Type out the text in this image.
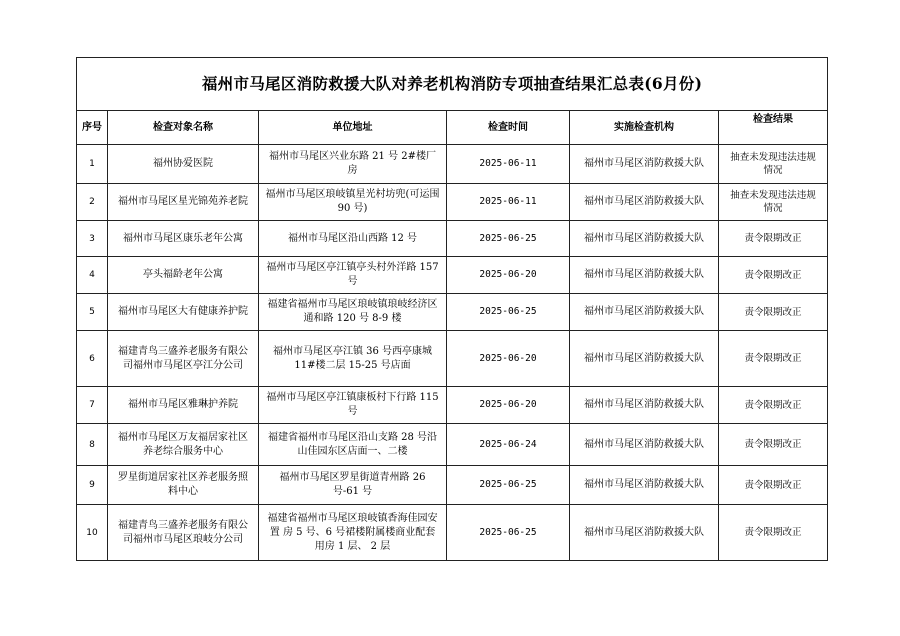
福州市马尾区消防救援大队对养老机构消防专项抽查结果汇总表(6月份)					
序号	检查对象名称	单位地址	检查时间	实施检查机构	检查结果
1	福州协爱医院	福州市马尾区兴业东路 21 号 2#楼厂房	2025-06-11	福州市马尾区消防救援大队	抽查未发现违法违规情况
2	福州市马尾区星光锦苑养老院	福州市马尾区琅岐镇星光村坊兜(可运围 90 号)	2025-06-11	福州市马尾区消防救援大队	抽查未发现违法违规情况
3	福州市马尾区康乐老年公寓	福州市马尾区沿山西路 12 号	2025-06-25	福州市马尾区消防救援大队	责令限期改正
4	亭头福龄老年公寓	福州市马尾区亭江镇亭头村外洋路 157 号	2025-06-20	福州市马尾区消防救援大队	责令限期改正
5	福州市马尾区大有健康养护院	福建省福州市马尾区琅岐镇琅岐经济区通和路 120 号 8-9 楼	2025-06-25	福州市马尾区消防救援大队	责令限期改正
6	福建青鸟三盛养老服务有限公司福州市马尾区亭江分公司	福州市马尾区亭江镇 36 号西亭康城 11#楼二层 15-25 号店面	2025-06-20	福州市马尾区消防救援大队	责令限期改正
7	福州市马尾区雅琳护养院	福州市马尾区亭江镇康板村下行路 115 号	2025-06-20	福州市马尾区消防救援大队	责令限期改正
8	福州市马尾区万友福居家社区养老综合服务中心	福建省福州市马尾区沿山支路 28 号沿山佳园东区店面一、二楼	2025-06-24	福州市马尾区消防救援大队	责令限期改正
9	罗星街道居家社区养老服务照料中心	福州市马尾区罗星街道青州路 26 号-61 号	2025-06-25	福州市马尾区消防救援大队	责令限期改正
10	福建青鸟三盛养老服务有限公司福州市马尾区琅岐分公司	福建省福州市马尾区琅岐镇香海佳园安置 房 5 号、6 号裙楼附属楼商业配套用房 1 层、 2 层	2025-06-25	福州市马尾区消防救援大队	责令限期改正
